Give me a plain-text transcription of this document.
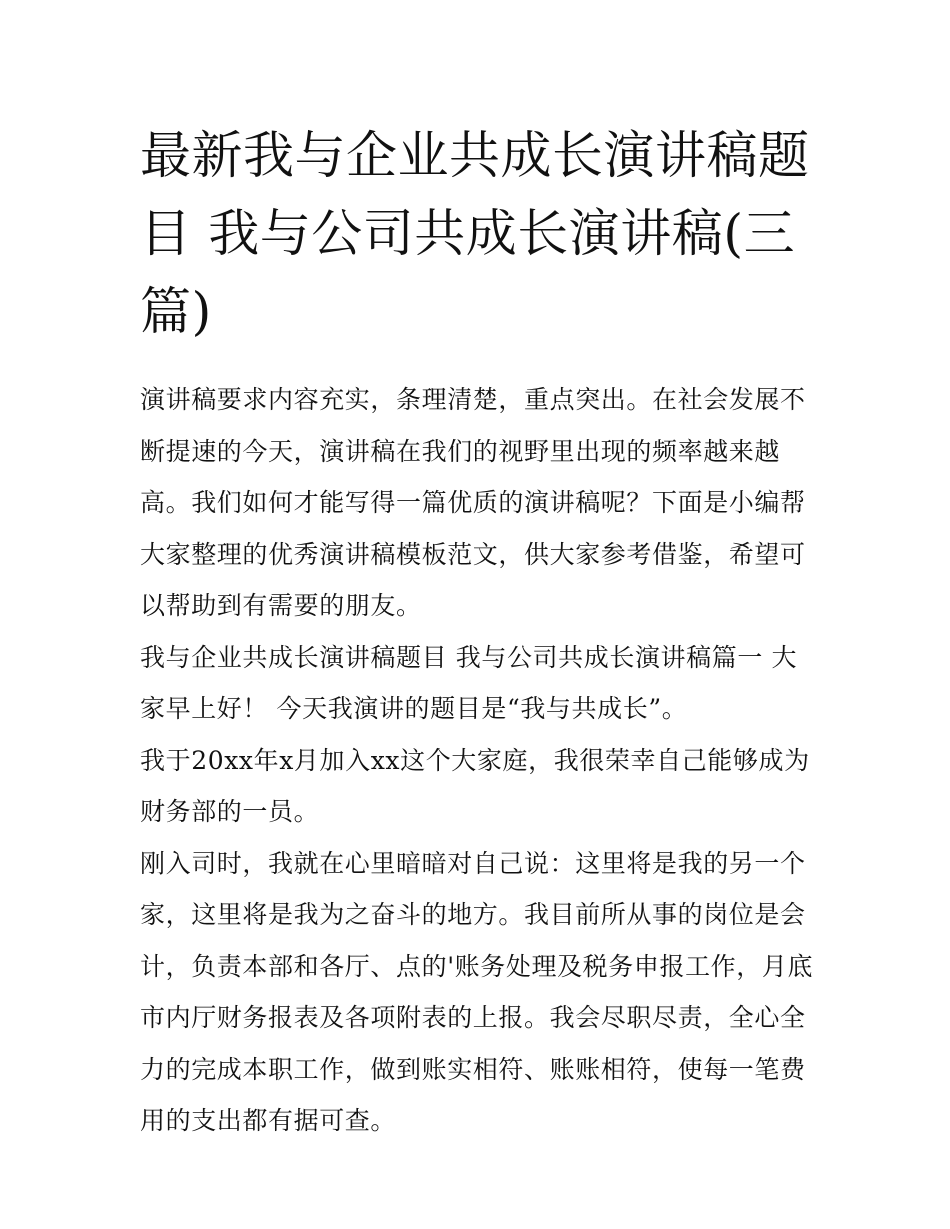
最新我与企业共成长演讲稿题目 我与公司共成长演讲稿(三篇)

演讲稿要求内容充实，条理清楚，重点突出。在社会发展不断提速的今天，演讲稿在我们的视野里出现的频率越来越高。我们如何才能写得一篇优质的演讲稿呢？下面是小编帮大家整理的优秀演讲稿模板范文，供大家参考借鉴，希望可以帮助到有需要的朋友。

我与企业共成长演讲稿题目 我与公司共成长演讲稿篇一 大家早上好！ 今天我演讲的题目是“我与共成长”。

我于20xx年x月加入xx这个大家庭，我很荣幸自己能够成为财务部的一员。

刚入司时，我就在心里暗暗对自己说：这里将是我的另一个家，这里将是我为之奋斗的地方。我目前所从事的岗位是会计，负责本部和各厅、点的'账务处理及税务申报工作，月底市内厅财务报表及各项附表的上报。我会尽职尽责，全心全力的完成本职工作，做到账实相符、账账相符，使每一笔费用的支出都有据可查。
